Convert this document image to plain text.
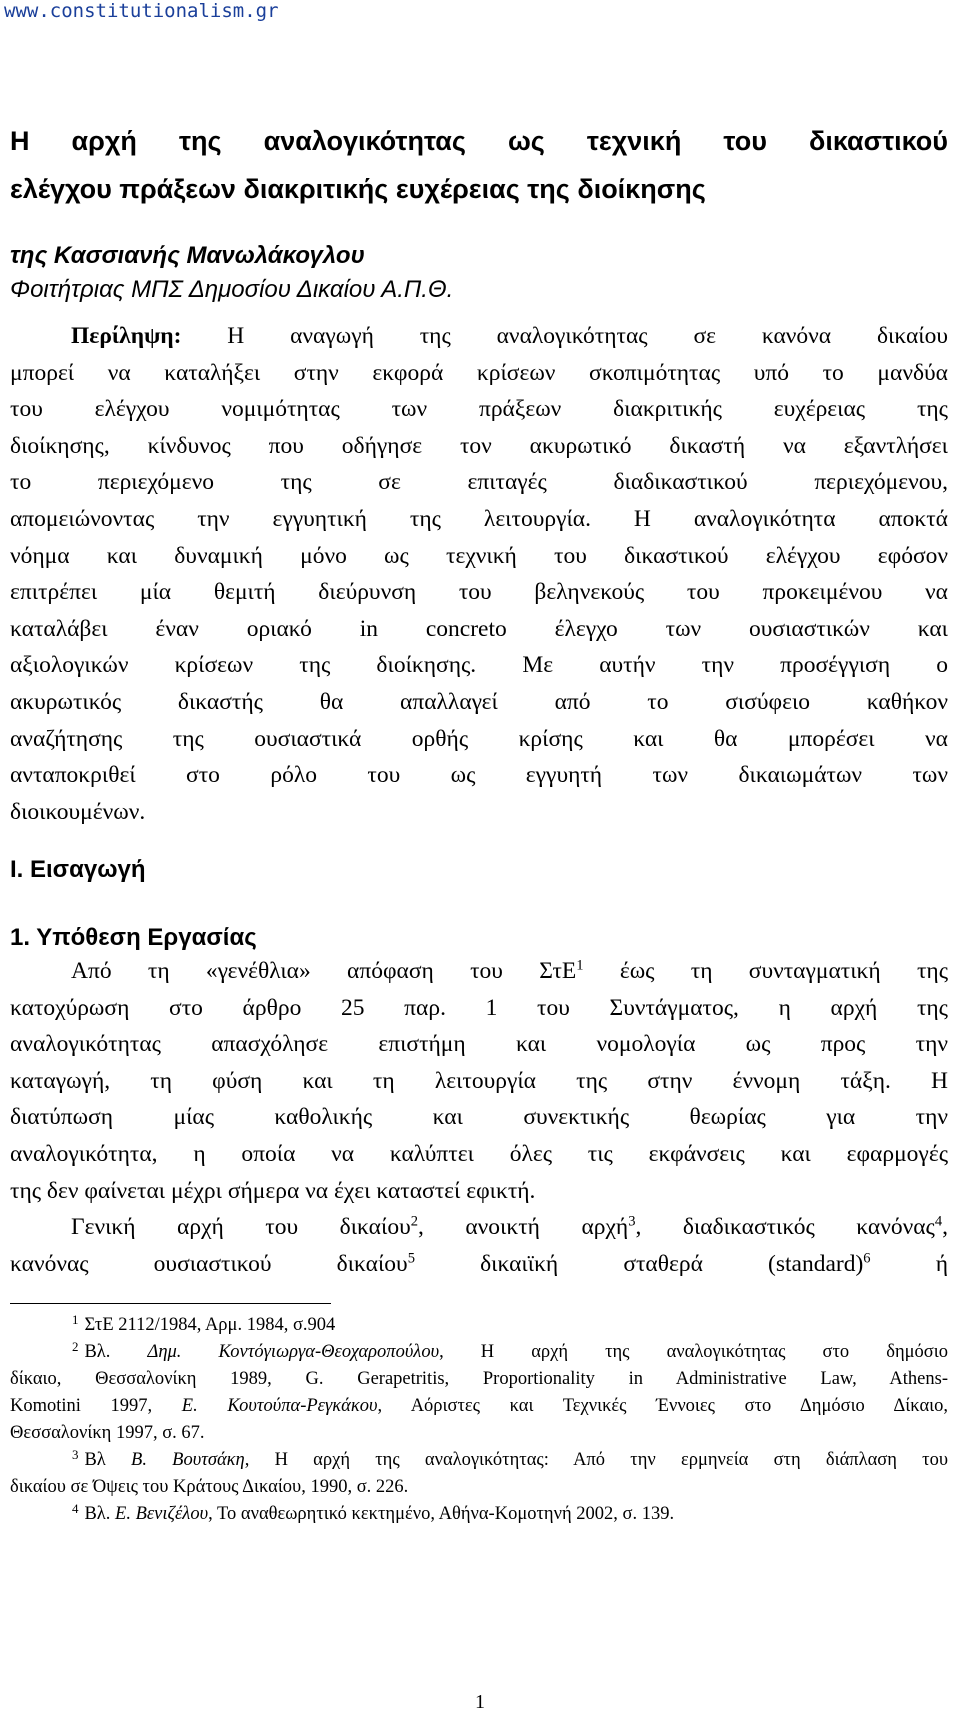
www.constitutionalism.gr
Η αρχή της αναλογικότητας ως τεχνική του δικαστικού
ελέγχου πράξεων διακριτικής ευχέρειας της διοίκησης
της Κασσιανής Μανωλάκογλου
Φοιτήτριας ΜΠΣ Δημοσίου Δικαίου Α.Π.Θ.
Περίληψη: Η αναγωγή της αναλογικότητας σε κανόνα δικαίου
μπορεί να καταλήξει στην εκφορά κρίσεων σκοπιμότητας υπό το μανδύα
του ελέγχου νομιμότητας των πράξεων διακριτικής ευχέρειας της
διοίκησης, κίνδυνος που οδήγησε τον ακυρωτικό δικαστή να εξαντλήσει
το περιεχόμενο της σε επιταγές διαδικαστικού περιεχόμενου,
απομειώνοντας την εγγυητική της λειτουργία. Η αναλογικότητα αποκτά
νόημα και δυναμική μόνο ως τεχνική του δικαστικού ελέγχου εφόσον
επιτρέπει μία θεμιτή διεύρυνση του βεληνεκούς του προκειμένου να
καταλάβει έναν οριακό in concreto έλεγχο των ουσιαστικών και
αξιολογικών κρίσεων της διοίκησης. Με αυτήν την προσέγγιση ο
ακυρωτικός δικαστής θα απαλλαγεί από το σισύφειο καθήκον
αναζήτησης της ουσιαστικά ορθής κρίσης και θα μπορέσει να
ανταποκριθεί στο ρόλο του ως εγγυητή των δικαιωμάτων των
διοικουμένων.
Ι. Εισαγωγή
1. Υπόθεση Εργασίας
Από τη «γενέθλια» απόφαση του ΣτΕ$^1$ έως τη συνταγματική της
κατοχύρωση στο άρθρο 25 παρ. 1 του Συντάγματος, η αρχή της
αναλογικότητας απασχόλησε επιστήμη και νομολογία ως προς την
καταγωγή, τη φύση και τη λειτουργία της στην έννομη τάξη. Η
διατύπωση μίας καθολικής και συνεκτικής θεωρίας για την
αναλογικότητα, η οποία να καλύπτει όλες τις εκφάνσεις και εφαρμογές
της δεν φαίνεται μέχρι σήμερα να έχει καταστεί εφικτή.
Γενική αρχή του δικαίου$^2$, ανοικτή αρχή$^3$, διαδικαστικός κανόνας$^4$,
κανόνας ουσιαστικού δικαίου$^5$ δικαιϊκή σταθερά (standard)$^6$ ή
$^1$ ΣτΕ 2112/1984, Αρμ. 1984, σ.904
$^2$ Βλ. Δημ. Κοντόγιωργα-Θεοχαροπούλου, Η αρχή της αναλογικότητας στο δημόσιο
δίκαιο, Θεσσαλονίκη 1989, G. Gerapetritis, Proportionality in Administrative Law, Athens-
Komotini 1997, Ε. Κουτούπα-Ρεγκάκου, Αόριστες και Τεχνικές Έννοιες στο Δημόσιο Δίκαιο,
Θεσσαλονίκη 1997, σ. 67.
$^3$ Βλ Β. Βουτσάκη, Η αρχή της αναλογικότητας: Από την ερμηνεία στη διάπλαση του
δικαίου σε Όψεις του Κράτους Δικαίου, 1990, σ. 226.
$^4$ Βλ. Ε. Βενιζέλου, Το αναθεωρητικό κεκτημένο, Αθήνα-Κομοτηνή 2002, σ. 139.
1
